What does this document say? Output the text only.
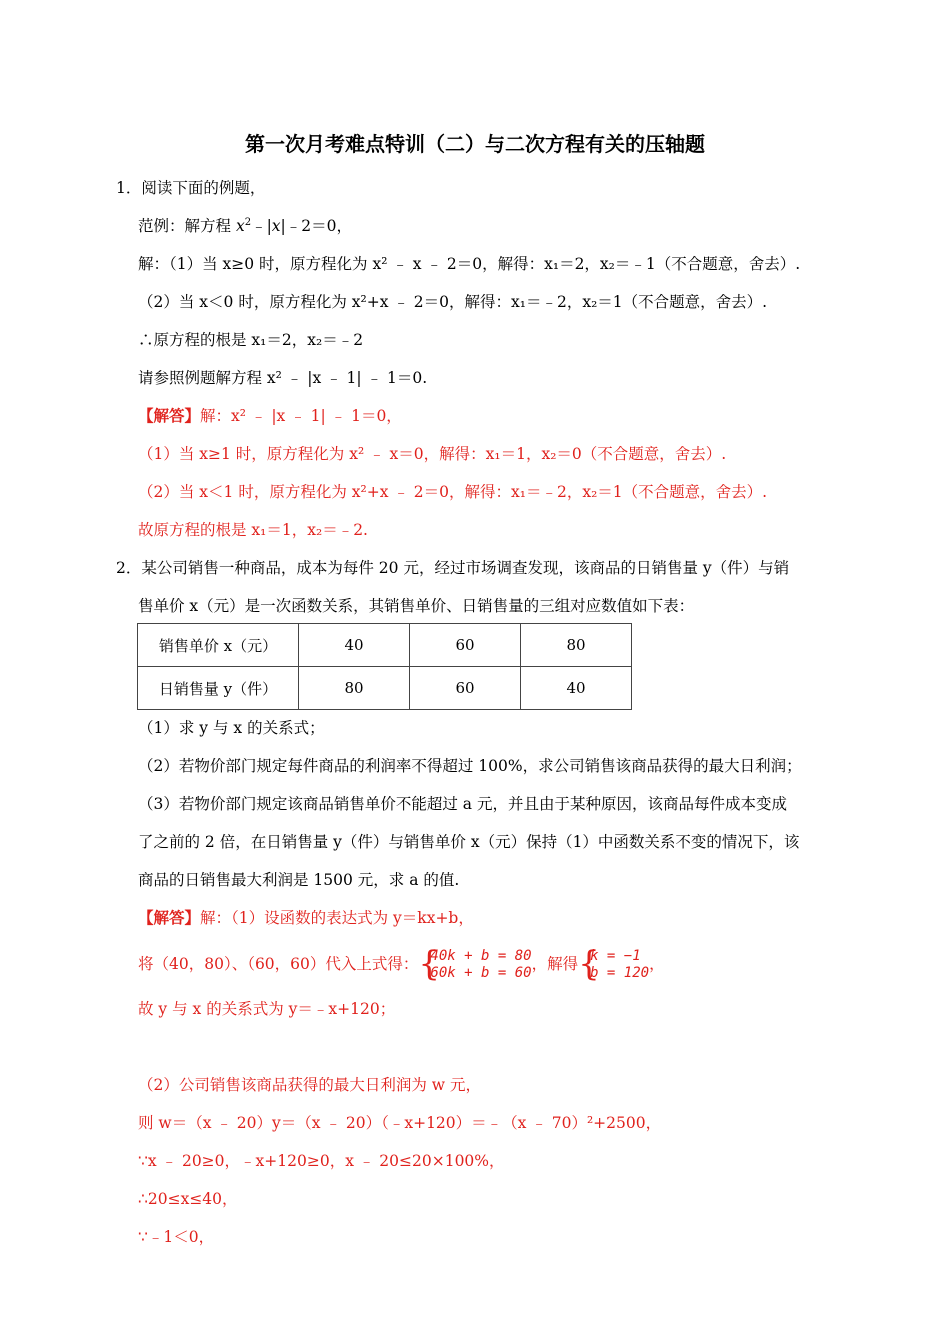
第一次月考难点特训（二）与二次方程有关的压轴题
1．阅读下面的例题，
范例：解方程 $x^2﹣|x|﹣2=0$，
解：（1）当 x≥0 时，原方程化为 x² ﹣ x ﹣ 2＝0，解得：x₁＝2，x₂＝﹣1（不合题意，舍去）.
（2）当 x＜0 时，原方程化为 x²+x ﹣ 2＝0，解得：x₁＝﹣2，x₂＝1（不合题意，舍去）.
∴原方程的根是 x₁＝2，x₂＝﹣2
请参照例题解方程 x² ﹣ |x ﹣ 1| ﹣ 1＝0.
【解答】解：x² ﹣ |x ﹣ 1| ﹣ 1＝0，
（1）当 x≥1 时，原方程化为 x² ﹣ x＝0，解得：x₁＝1，x₂＝0（不合题意，舍去）.
（2）当 x＜1 时，原方程化为 x²+x ﹣ 2＝0，解得：x₁＝﹣2，x₂＝1（不合题意，舍去）.
故原方程的根是 x₁＝1，x₂＝﹣2.
2．某公司销售一种商品，成本为每件 20 元，经过市场调查发现，该商品的日销售量 y（件）与销
售单价 x（元）是一次函数关系，其销售单价、日销售量的三组对应数值如下表：
销售单价 x（元）	40	60	80
日销售量 y（件）	80	60	40
（1）求 y 与 x 的关系式；
（2）若物价部门规定每件商品的利润率不得超过 100%，求公司销售该商品获得的最大日利润；
（3）若物价部门规定该商品销售单价不能超过 a 元，并且由于某种原因，该商品每件成本变成
了之前的 2 倍，在日销售量 y（件）与销售单价 x（元）保持（1）中函数关系不变的情况下，该
商品的日销售最大利润是 1500 元，求 a 的值.
【解答】解：（1）设函数的表达式为 y＝kx+b，
将（40，80）、（60，60）代入上式得： {
40k + b = 80
60k + b = 60 ，解得 {
k = −1
b = 120 ，
故 y 与 x 的关系式为 y＝﹣x+120；
（2）公司销售该商品获得的最大日利润为 w 元，
则 w＝（x ﹣ 20）y＝（x ﹣ 20）（﹣x+120）＝﹣（x ﹣ 70）²+2500，
∵x ﹣ 20≥0，﹣x+120≥0，x ﹣ 20≤20×100%，
∴20≤x≤40，
∵﹣1＜0，
